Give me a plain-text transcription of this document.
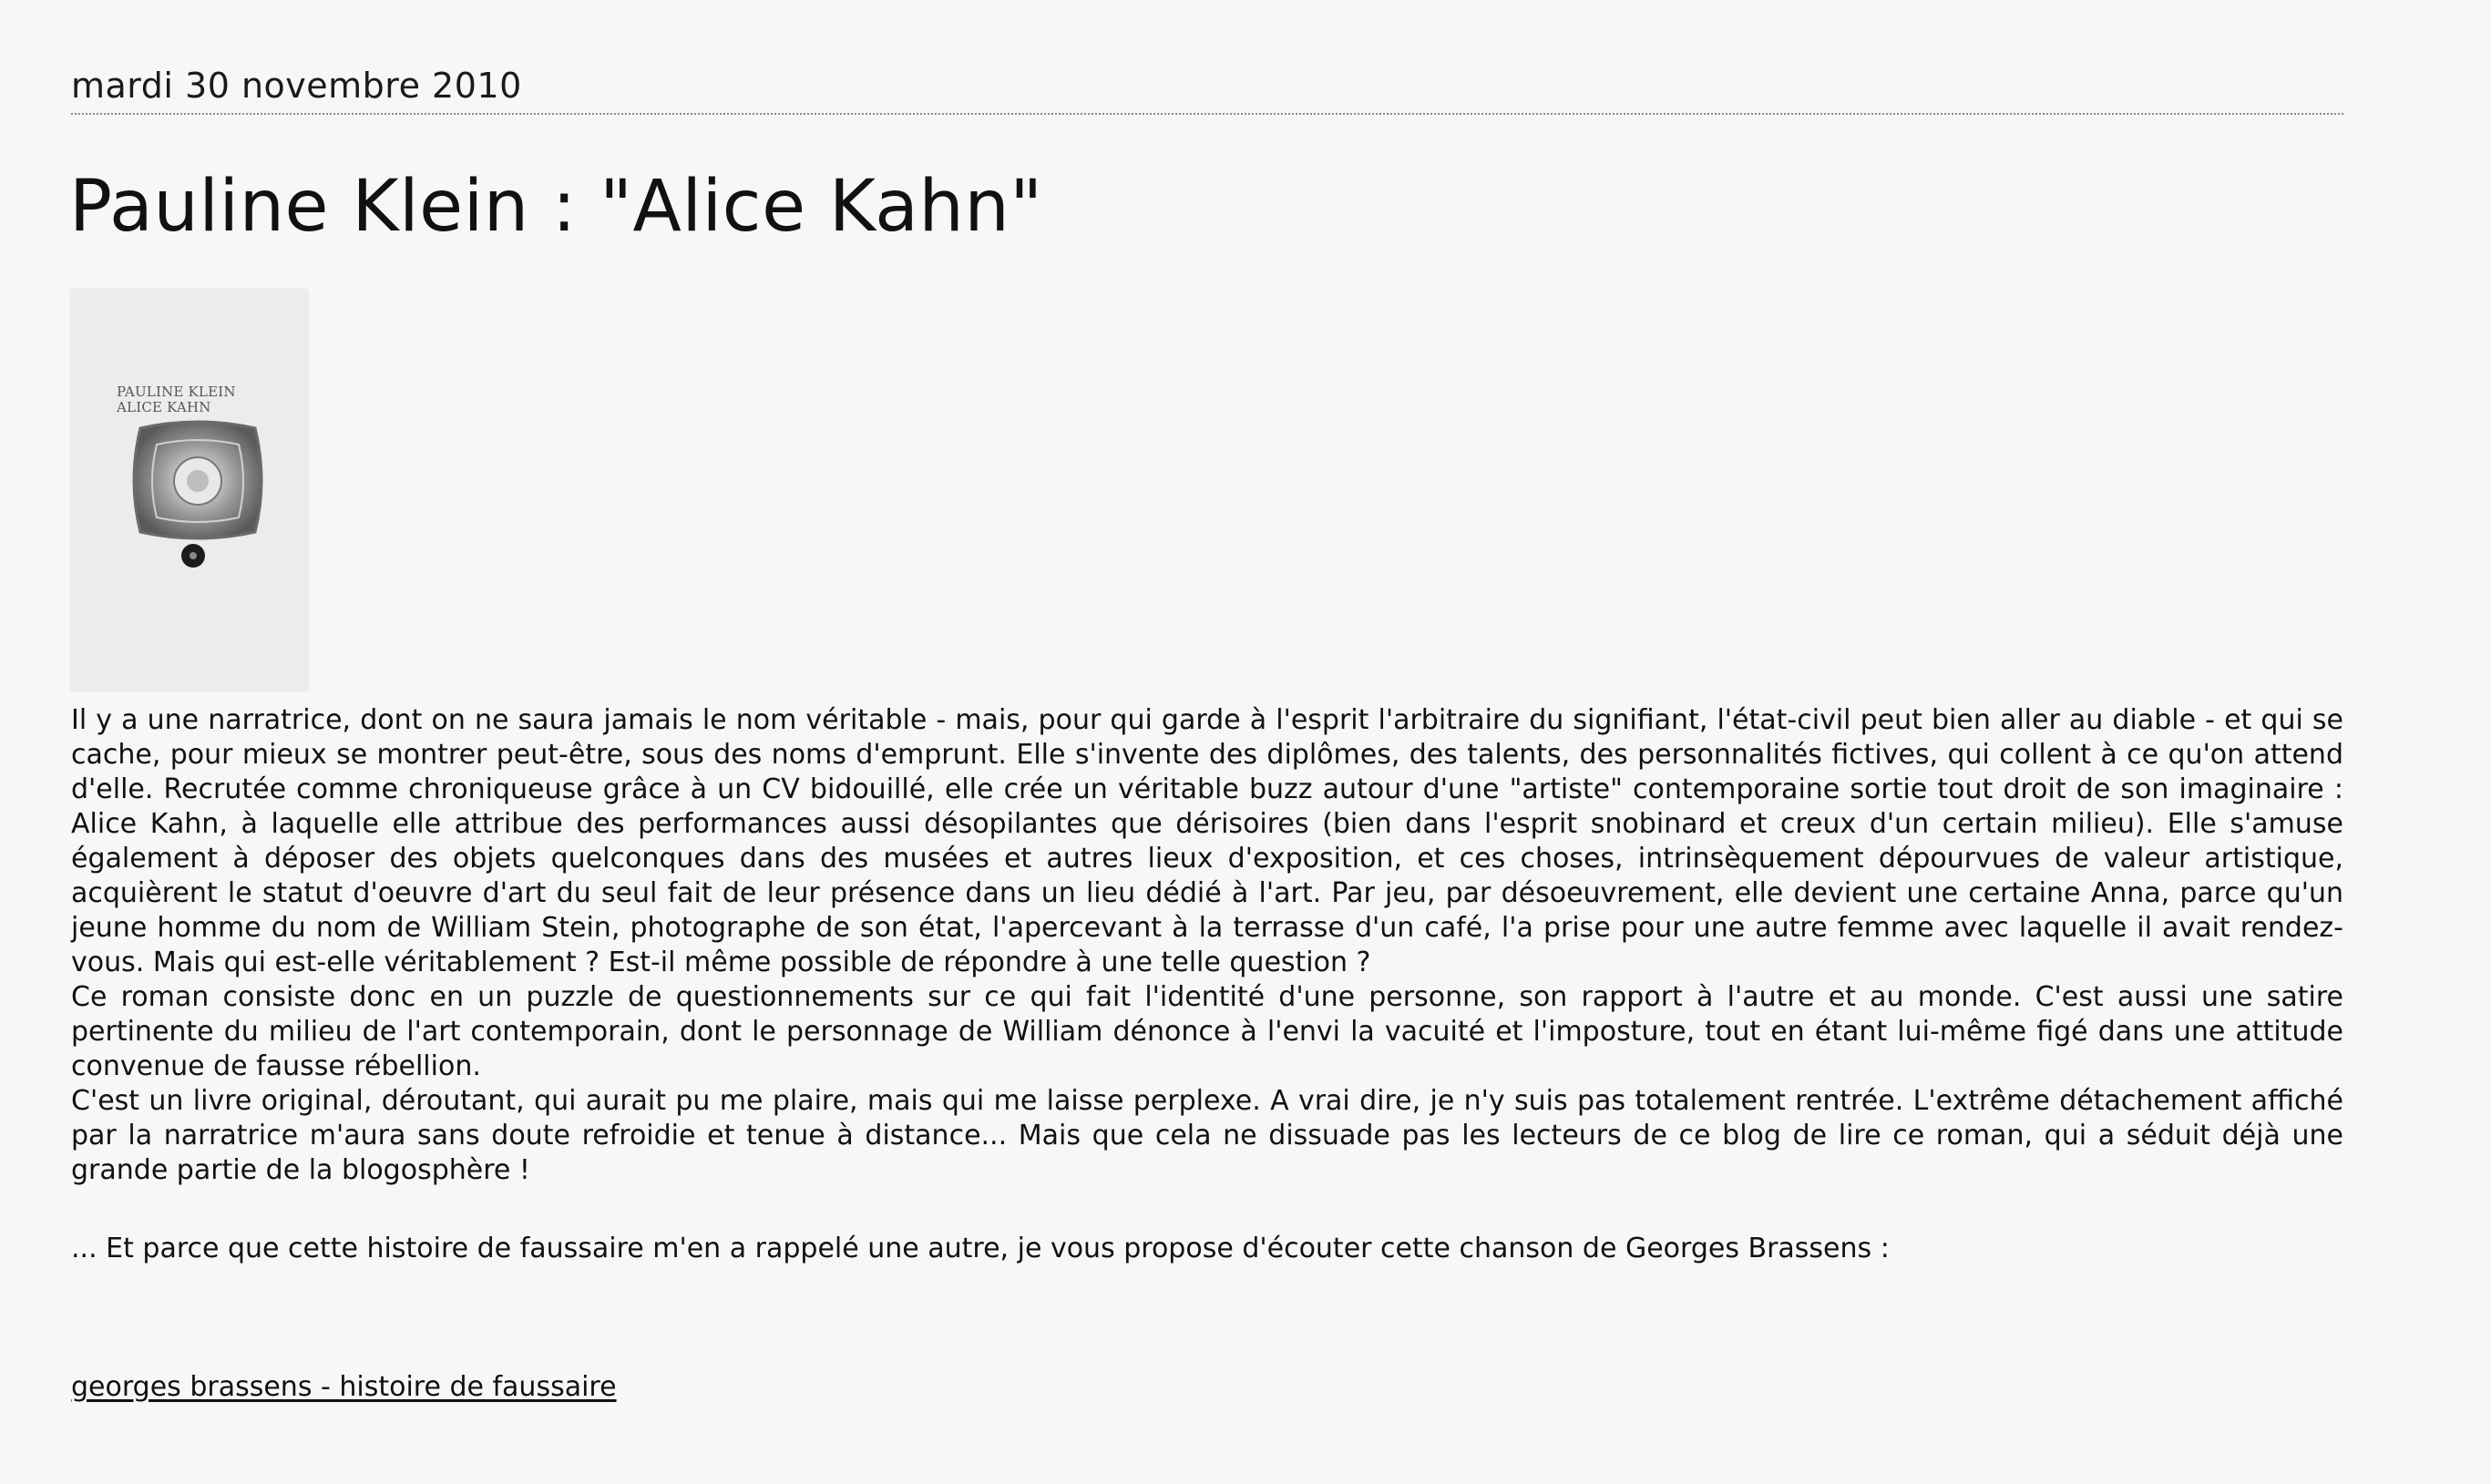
mardi 30 novembre 2010
Pauline Klein : "Alice Kahn"
PAULINE KLEIN
ALICE KAHN

Il y a une narratrice, dont on ne saura jamais le nom véritable - mais, pour qui garde à l'esprit l'arbitraire du signifiant, l'état-civil peut bien aller au diable - et qui se cache, pour mieux se montrer peut-être, sous des noms d'emprunt. Elle s'invente des diplômes, des talents, des personnalités fictives, qui collent à ce qu'on attend d'elle. Recrutée comme chroniqueuse grâce à un CV bidouillé, elle crée un véritable buzz autour d'une "artiste" contemporaine sortie tout droit de son imaginaire : Alice Kahn, à laquelle elle attribue des performances aussi désopilantes que dérisoires (bien dans l'esprit snobinard et creux d'un certain milieu). Elle s'amuse également à déposer des objets quelconques dans des musées et autres lieux d'exposition, et ces choses, intrinsèquement dépourvues de valeur artistique, acquièrent le statut d'oeuvre d'art du seul fait de leur présence dans un lieu dédié à l'art. Par jeu, par désoeuvrement, elle devient une certaine Anna, parce qu'un jeune homme du nom de William Stein, photographe de son état, l'apercevant à la terrasse d'un café, l'a prise pour une autre femme avec laquelle il avait rendez-vous. Mais qui est-elle véritablement ? Est-il même possible de répondre à une telle question ?

Ce roman consiste donc en un puzzle de questionnements sur ce qui fait l'identité d'une personne, son rapport à l'autre et au monde. C'est aussi une satire pertinente du milieu de l'art contemporain, dont le personnage de William dénonce à l'envi la vacuité et l'imposture, tout en étant lui-même figé dans une attitude convenue de fausse rébellion.

C'est un livre original, déroutant, qui aurait pu me plaire, mais qui me laisse perplexe. A vrai dire, je n'y suis pas totalement rentrée. L'extrême détachement affiché par la narratrice m'aura sans doute refroidie et tenue à distance... Mais que cela ne dissuade pas les lecteurs de ce blog de lire ce roman, qui a séduit déjà une grande partie de la blogosphère !

... Et parce que cette histoire de faussaire m'en a rappelé une autre, je vous propose d'écouter cette chanson de Georges Brassens :
georges brassens - histoire de faussaire
